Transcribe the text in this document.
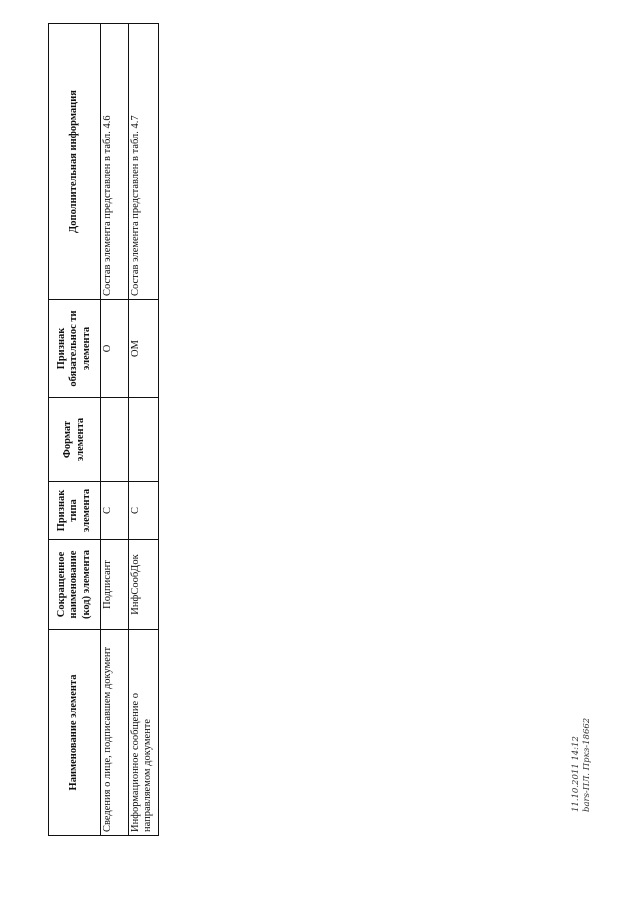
Наименование элемента	Сокращенное наименование (код) элемента	Признак типа элемента	Формат элемента	Признак обязательнос ти элемента	Дополнительная информация
Сведения о лице, подписавшем документ	Подписант	С		О	Состав элемента представлен в табл. 4.6
Информационное сообщение о направляемом документе	ИнфСообДок	С		ОМ	Состав элемента представлен в табл. 4.7
11.10.2011 14:12 bars-ПЛ. Пркз-18662
